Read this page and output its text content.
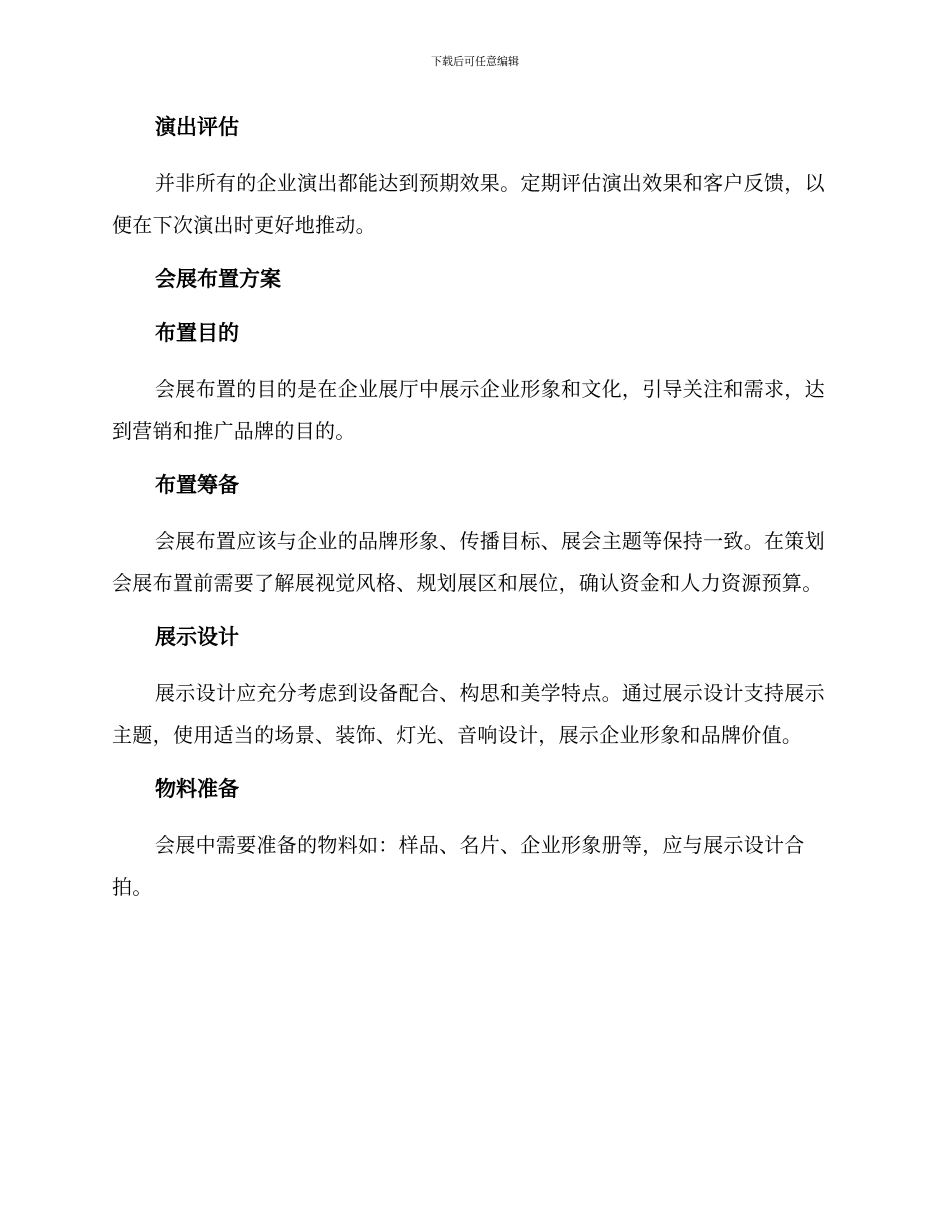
下载后可任意编辑
演出评估
并非所有的企业演出都能达到预期效果。定期评估演出效果和客户反馈，以便在下次演出时更好地推动。
会展布置方案
布置目的
会展布置的目的是在企业展厅中展示企业形象和文化，引导关注和需求，达到营销和推广品牌的目的。
布置筹备
会展布置应该与企业的品牌形象、传播目标、展会主题等保持一致。在策划会展布置前需要了解展视觉风格、规划展区和展位，确认资金和人力资源预算。
展示设计
展示设计应充分考虑到设备配合、构思和美学特点。通过展示设计支持展示主题，使用适当的场景、装饰、灯光、音响设计，展示企业形象和品牌价值。
物料准备
会展中需要准备的物料如：样品、名片、企业形象册等，应与展示设计合拍。
